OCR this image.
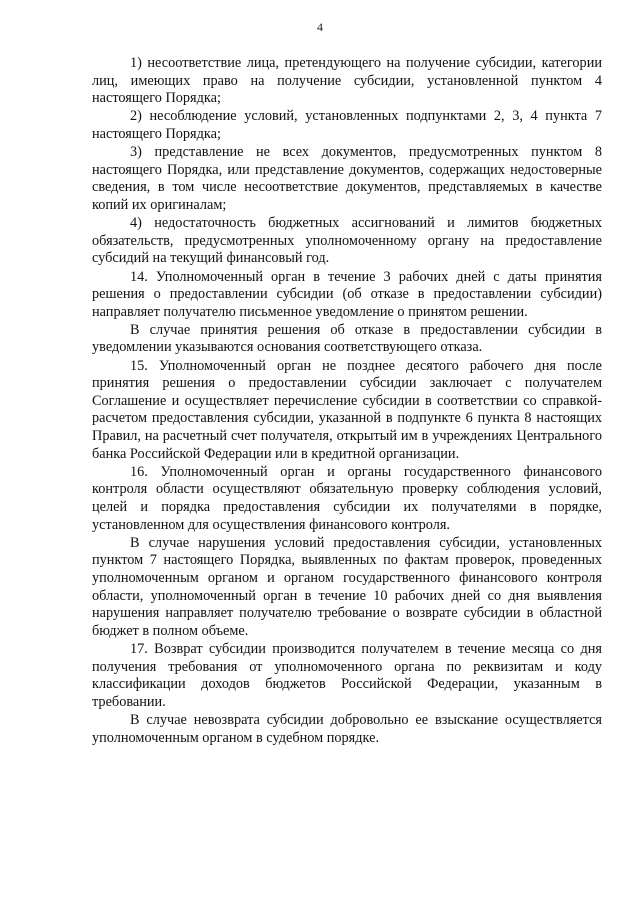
4

1) несоответствие лица, претендующего на получение субсидии, категории лиц, имеющих право на получение субсидии, установленной пунктом 4 настоящего Порядка;

2) несоблюдение условий, установленных подпунктами 2, 3, 4 пункта 7 настоящего Порядка;

3) представление не всех документов, предусмотренных пунктом 8 настоящего Порядка, или представление документов, содержащих недостоверные сведения, в том числе несоответствие документов, представляемых в качестве копий их оригиналам;

4) недостаточность бюджетных ассигнований и лимитов бюджетных обязательств, предусмотренных уполномоченному органу на предоставление субсидий на текущий финансовый год.

14. Уполномоченный орган в течение 3 рабочих дней с даты принятия решения о предоставлении субсидии (об отказе в предоставлении субсидии) направляет получателю письменное уведомление о принятом решении.

В случае принятия решения об отказе в предоставлении субсидии в уведомлении указываются основания соответствующего отказа.

15. Уполномоченный орган не позднее десятого рабочего дня после принятия решения о предоставлении субсидии заключает с получателем Соглашение и осуществляет перечисление субсидии в соответствии со справкой-расчетом предоставления субсидии, указанной в подпункте 6 пункта 8 настоящих Правил, на расчетный счет получателя, открытый им в учреждениях Центрального банка Российской Федерации или в кредитной организации.

16. Уполномоченный орган и органы государственного финансового контроля области осуществляют обязательную проверку соблюдения условий, целей и порядка предоставления субсидии их получателями в порядке, установленном для осуществления финансового контроля.

В случае нарушения условий предоставления субсидии, установленных пунктом 7 настоящего Порядка, выявленных по фактам проверок, проведенных уполномоченным органом и органом государственного финансового контроля области, уполномоченный орган в течение 10 рабочих дней со дня выявления нарушения направляет получателю требование о возврате субсидии в областной бюджет в полном объеме.

17. Возврат субсидии производится получателем в течение месяца со дня получения требования от уполномоченного органа по реквизитам и коду классификации доходов бюджетов Российской Федерации, указанным в требовании.

В случае невозврата субсидии добровольно ее взыскание осуществляется уполномоченным органом в судебном порядке.
